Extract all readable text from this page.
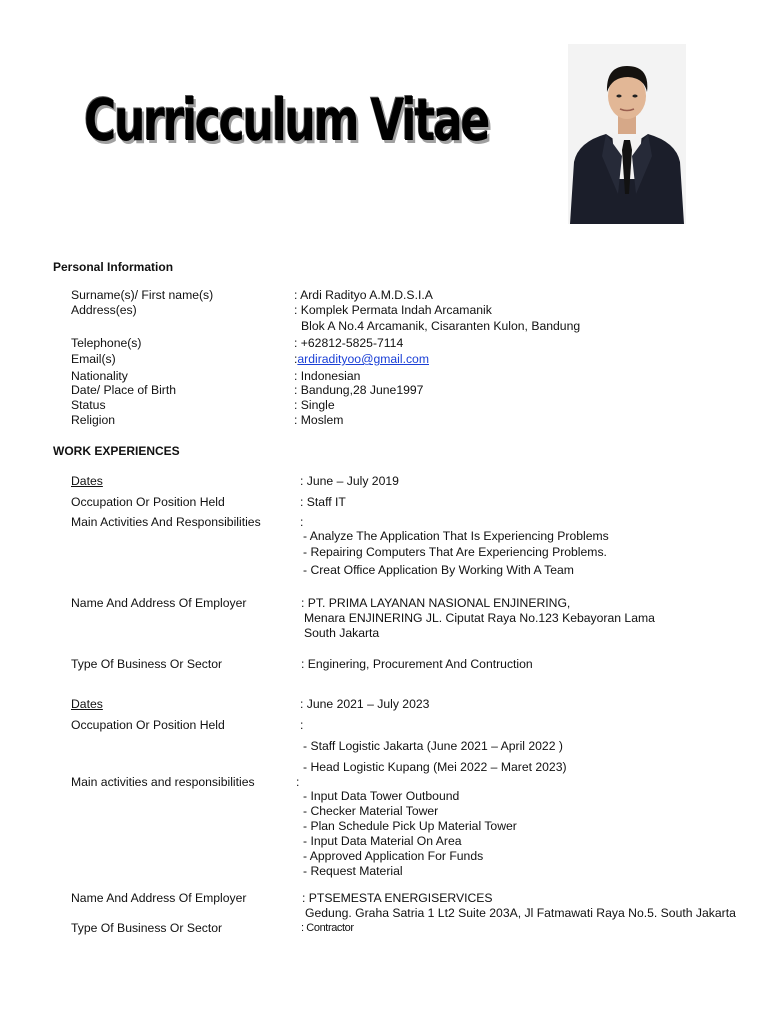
Curricculum Vitae
Personal Information
Surname(s)/ First name(s)	: Ardi Radityo A.M.D.S.I.A
Address(es)	: Komplek Permata Indah Arcamanik
Blok A No.4 Arcamanik, Cisaranten Kulon, Bandung
Telephone(s)	: +62812-5825-7114
Email(s)	:ardiradityoo@gmail.com
Nationality	: Indonesian
Date/ Place of Birth	: Bandung,28 June1997
Status	: Single
Religion	: Moslem
WORK EXPERIENCES
Dates	: June – July 2019
Occupation Or Position Held	: Staff IT
Main Activities And Responsibilities	:
- Analyze The Application That Is Experiencing Problems
- Repairing Computers That Are Experiencing Problems.
- Creat Office Application By Working With A Team
Name And Address Of Employer	: PT. PRIMA LAYANAN NASIONAL ENJINERING,
Menara ENJINERING JL. Ciputat Raya No.123 Kebayoran Lama
South Jakarta
Type Of Business Or Sector	: Enginering, Procurement And Contruction
Dates	: June 2021 – July 2023
Occupation Or Position Held	:
- Staff Logistic Jakarta (June 2021 – April 2022 )
- Head Logistic Kupang (Mei 2022 – Maret 2023)
Main activities and responsibilities	:
- Input Data Tower Outbound
- Checker Material Tower
- Plan Schedule Pick Up Material Tower
- Input Data Material On Area
- Approved Application For Funds
- Request Material
Name And Address Of Employer	: PTSEMESTA ENERGISERVICES
Gedung. Graha Satria 1 Lt2 Suite 203A, Jl Fatmawati Raya No.5. South Jakarta
Type Of Business Or Sector	: Contractor
